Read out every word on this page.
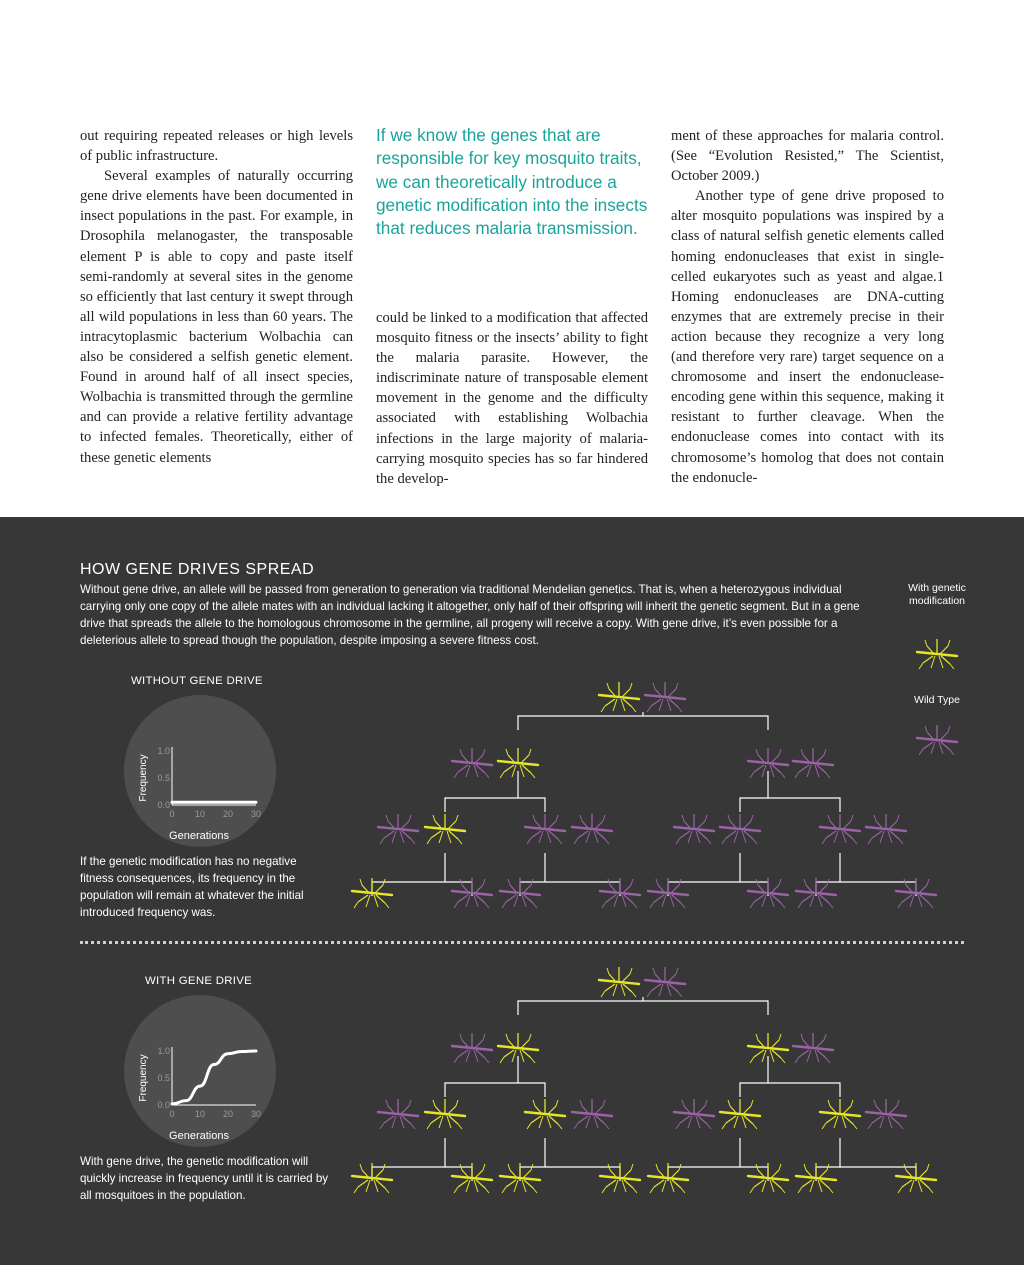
out requiring repeated releases or high levels of public infrastructure.

Several examples of naturally occurring gene drive elements have been documented in insect populations in the past. For example, in Drosophila melanogaster, the transposable element P is able to copy and paste itself semi-randomly at several sites in the genome so efficiently that last century it swept through all wild populations in less than 60 years. The intracytoplasmic bacterium Wolbachia can also be considered a selfish genetic element. Found in around half of all insect species, Wolbachia is transmitted through the germline and can provide a relative fertility advantage to infected females. Theoretically, either of these genetic elements

If we know the genes that are responsible for key mosquito traits, we can theoretically introduce a genetic modification into the insects that reduces malaria transmission.
could be linked to a modification that affected mosquito fitness or the insects’ ability to fight the malaria parasite. However, the indiscriminate nature of transposable element movement in the genome and the difficulty associated with establishing Wolbachia infections in the large majority of malaria-carrying mosquito species has so far hindered the develop-

ment of these approaches for malaria control. (See “Evolution Resisted,” The Scientist, October 2009.)

Another type of gene drive proposed to alter mosquito populations was inspired by a class of natural selfish genetic elements called homing endonucleases that exist in single-celled eukaryotes such as yeast and algae.1 Homing endonucleases are DNA-cutting enzymes that are extremely precise in their action because they recognize a very long (and therefore very rare) target sequence on a chromosome and insert the endonuclease-encoding gene within this sequence, making it resistant to further cleavage. When the endonuclease comes into contact with its chromosome’s homolog that does not contain the endonucle-

HOW GENE DRIVES SPREAD
Without gene drive, an allele will be passed from generation to generation via traditional Mendelian genetics. That is, when a heterozygous individual carrying only one copy of the allele mates with an individual lacking it altogether, only half of their offspring will inherit the genetic segment. But in a gene drive that spreads the allele to the homologous chromosome in the germline, all progeny will receive a copy. With gene drive, it’s even possible for a deleterious allele to spread though the population, despite imposing a severe fitness cost.
With genetic modification
Wild Type
WITHOUT GENE DRIVE
1.0
0.5
0.0
0 10 20 30
Frequency
Generations
If the genetic modification has no negative fitness consequences, its frequency in the population will remain at whatever the initial introduced frequency was.
WITH GENE DRIVE
1.0
0.5
0.0
0 10 20 30
Frequency
Generations
With gene drive, the genetic modification will quickly increase in frequency until it is carried by all mosquitoes in the population.
